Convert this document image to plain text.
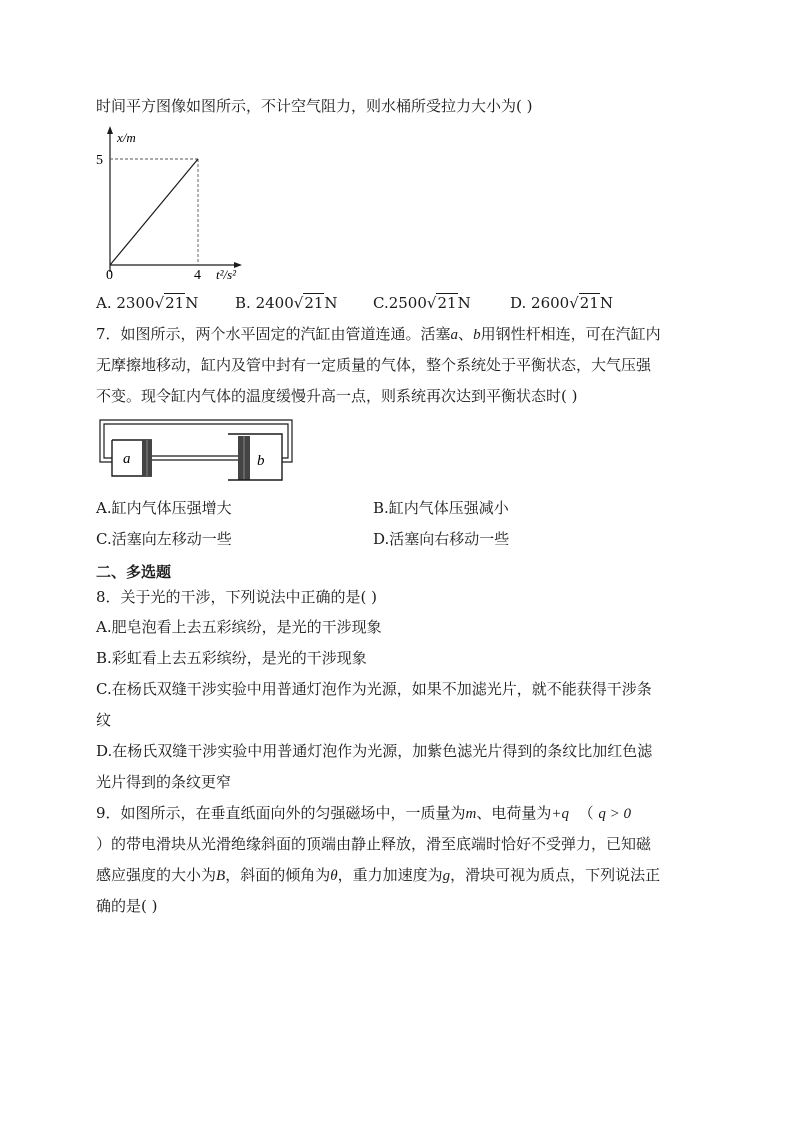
时间平方图像如图所示，不计空气阻力，则水桶所受拉力大小为( )
x/m
5
0	4 t²/s²
A. 2300√21N B. 2400√21N C.2500√21N	D. 2600√21N
7．如图所示，两个水平固定的汽缸由管道连通。活塞a、b用钢性杆相连，可在汽缸内
无摩擦地移动，缸内及管中封有一定质量的气体，整个系统处于平衡状态，大气压强
不变。现令缸内气体的温度缓慢升高一点，则系统再次达到平衡状态时( )
a	b
A.缸内气体压强增大	B.缸内气体压强减小
C.活塞向左移动一些	D.活塞向右移动一些
二、多选题
8．关于光的干涉，下列说法中正确的是( )
A.肥皂泡看上去五彩缤纷，是光的干涉现象
B.彩虹看上去五彩缤纷，是光的干涉现象
C.在杨氏双缝干涉实验中用普通灯泡作为光源，如果不加滤光片，就不能获得干涉条
纹
D.在杨氏双缝干涉实验中用普通灯泡作为光源，加紫色滤光片得到的条纹比加红色滤
光片得到的条纹更窄
9．如图所示，在垂直纸面向外的匀强磁场中，一质量为m、电荷量为+q （ q > 0
）的带电滑块从光滑绝缘斜面的顶端由静止释放，滑至底端时恰好不受弹力，已知磁
感应强度的大小为B，斜面的倾角为θ，重力加速度为g，滑块可视为质点，下列说法正
确的是( )
